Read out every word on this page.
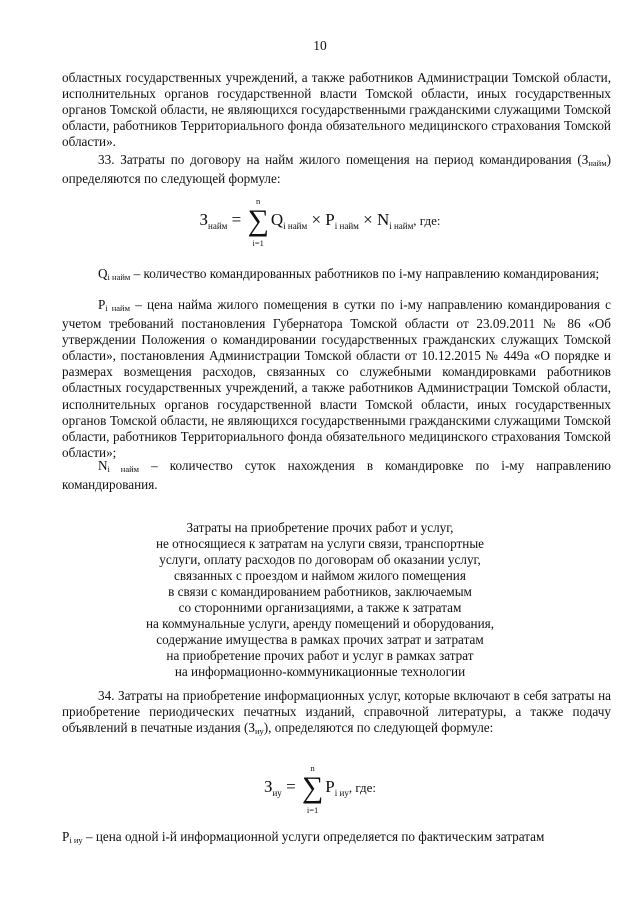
10
областных государственных учреждений, а также работников Администрации Томской области, исполнительных органов государственной власти Томской области, иных государственных органов Томской области, не являющихся государственными гражданскими служащими Томской области, работников Территориального фонда обязательного медицинского страхования Томской области».
33. Затраты по договору на найм жилого помещения на период командирования $(З_{найм})$ определяются по следующей формуле:
$З_{найм}$ = ∑
n
i=1
$Q_{i найм} \times P_{i найм} \times N_{i найм}$, где:
$Q_{i найм}$ – количество командированных работников по i-му направлению командирования;
$P_{i найм}$ – цена найма жилого помещения в сутки по i-му направлению командирования с учетом требований постановления Губернатора Томской области от 23.09.2011 № 86 «Об утверждении Положения о командировании государственных гражданских служащих Томской области», постановления Администрации Томской области от 10.12.2015 № 449а «О порядке и размерах возмещения расходов, связанных со служебными командировками работников областных государственных учреждений, а также работников Администрации Томской области, исполнительных органов государственной власти Томской области, иных государственных органов Томской области, не являющихся государственными гражданскими служащими Томской области, работников Территориального фонда обязательного медицинского страхования Томской области»;
$N_{i найм}$ – количество суток нахождения в командировке по i-му направлению командирования.
Затраты на приобретение прочих работ и услуг,
не относящиеся к затратам на услуги связи, транспортные
услуги, оплату расходов по договорам об оказании услуг,
связанных с проездом и наймом жилого помещения
в связи с командированием работников, заключаемым
со сторонними организациями, а также к затратам
на коммунальные услуги, аренду помещений и оборудования,
содержание имущества в рамках прочих затрат и затратам
на приобретение прочих работ и услуг в рамках затрат
на информационно-коммуникационные технологии
34. Затраты на приобретение информационных услуг, которые включают в себя затраты на приобретение периодических печатных изданий, справочной литературы, а также подачу объявлений в печатные издания $(З_{иу})$, определяются по следующей формуле:
$З_{иу}$ = ∑
n
i=1
$P_{i иу}$, где:
$P_{i иу}$ – цена одной i-й информационной услуги определяется по фактическим затратам
